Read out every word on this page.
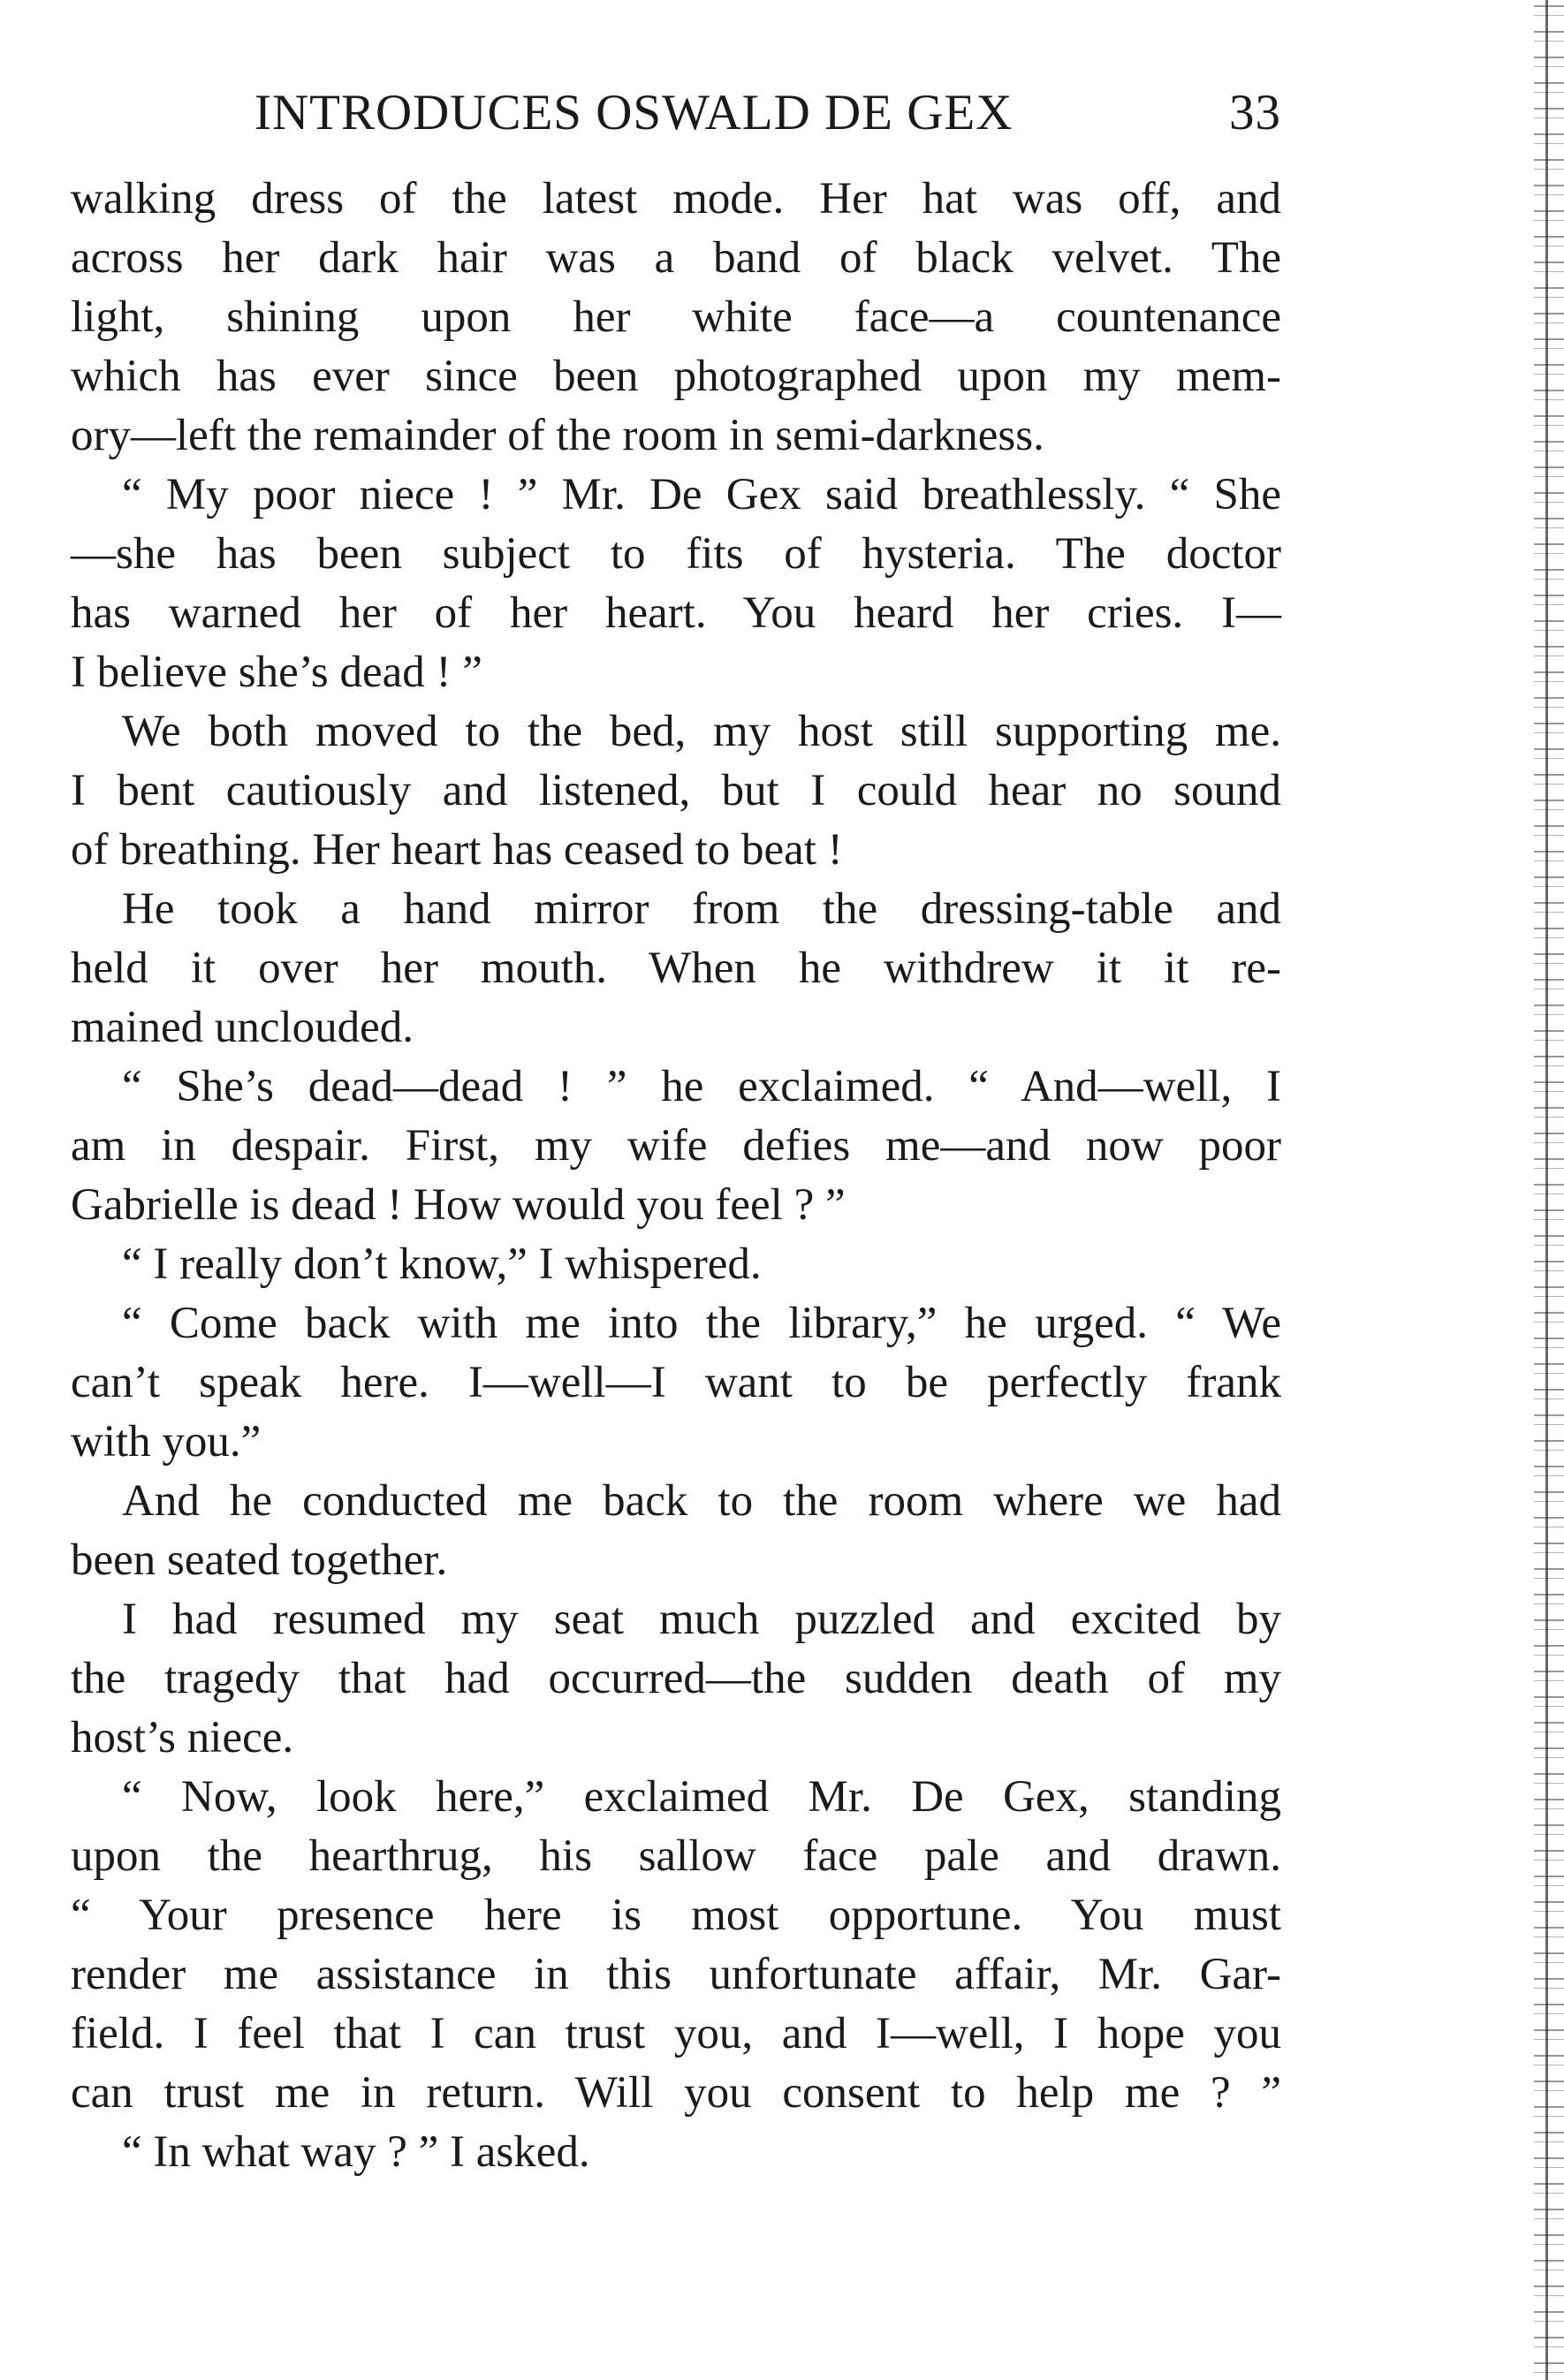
INTRODUCES OSWALD DE GEX	33
walking dress of the latest mode. Her hat was off, and
across her dark hair was a band of black velvet. The
light, shining upon her white face—a countenance
which has ever since been photographed upon my mem-
ory—left the remainder of the room in semi-darkness.
“ My poor niece ! ” Mr. De Gex said breathlessly. “ She
—she has been subject to fits of hysteria. The doctor
has warned her of her heart. You heard her cries. I—
I believe she’s dead ! ”
We both moved to the bed, my host still supporting me.
I bent cautiously and listened, but I could hear no sound
of breathing. Her heart has ceased to beat !
He took a hand mirror from the dressing-table and
held it over her mouth. When he withdrew it it re-
mained unclouded.
“ She’s dead—dead ! ” he exclaimed. “ And—well, I
am in despair. First, my wife defies me—and now poor
Gabrielle is dead ! How would you feel ? ”
“ I really don’t know,” I whispered.
“ Come back with me into the library,” he urged. “ We
can’t speak here. I—well—I want to be perfectly frank
with you.”
And he conducted me back to the room where we had
been seated together.
I had resumed my seat much puzzled and excited by
the tragedy that had occurred—the sudden death of my
host’s niece.
“ Now, look here,” exclaimed Mr. De Gex, standing
upon the hearthrug, his sallow face pale and drawn.
“ Your presence here is most opportune. You must
render me assistance in this unfortunate affair, Mr. Gar-
field. I feel that I can trust you, and I—well, I hope you
can trust me in return. Will you consent to help me ? ”
“ In what way ? ” I asked.
